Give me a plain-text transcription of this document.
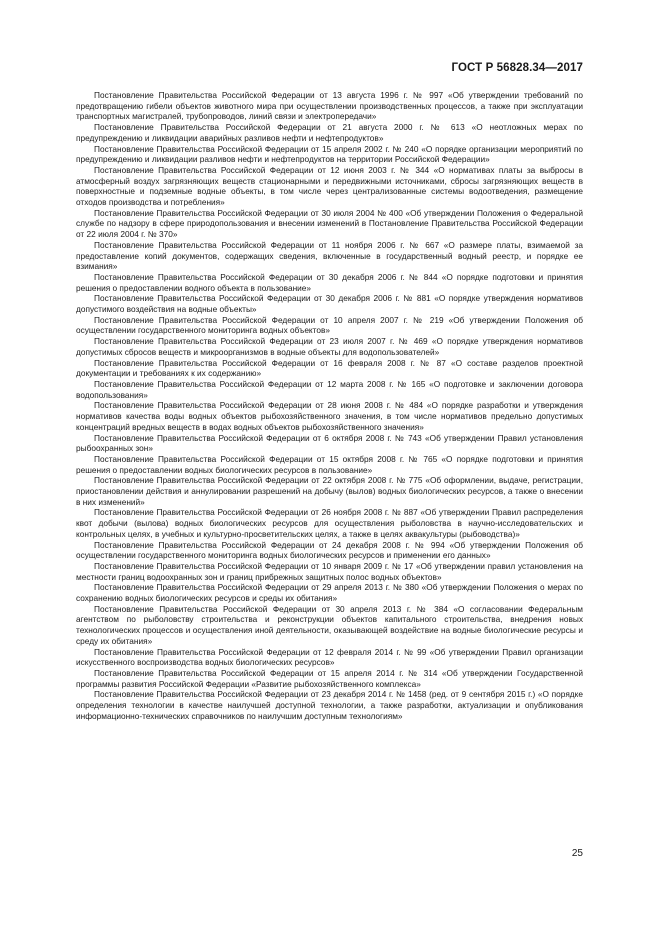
ГОСТ Р 56828.34—2017

Постановление Правительства Российской Федерации от 13 августа 1996 г. № 997 «Об утверждении требований по предотвращению гибели объектов животного мира при осуществлении производственных процессов, а также при эксплуатации транспортных магистралей, трубопроводов, линий связи и электропередачи»

Постановление Правительства Российской Федерации от 21 августа 2000 г. № 613 «О неотложных мерах по предупреждению и ликвидации аварийных разливов нефти и нефтепродуктов»

Постановление Правительства Российской Федерации от 15 апреля 2002 г. № 240 «О порядке организации мероприятий по предупреждению и ликвидации разливов нефти и нефтепродуктов на территории Российской Федерации»

Постановление Правительства Российской Федерации от 12 июня 2003 г. № 344 «О нормативах платы за выбросы в атмосферный воздух загрязняющих веществ стационарными и передвижными источниками, сбросы загрязняющих веществ в поверхностные и подземные водные объекты, в том числе через централизованные системы водоотведения, размещение отходов производства и потребления»

Постановление Правительства Российской Федерации от 30 июля 2004 № 400 «Об утверждении Положения о Федеральной службе по надзору в сфере природопользования и внесении изменений в Постановление Правительства Российской Федерации от 22 июля 2004 г. № 370»

Постановление Правительства Российской Федерации от 11 ноября 2006 г. № 667 «О размере платы, взимаемой за предоставление копий документов, содержащих сведения, включенные в государственный водный реестр, и порядке ее взимания»

Постановление Правительства Российской Федерации от 30 декабря 2006 г. № 844 «О порядке подготовки и принятия решения о предоставлении водного объекта в пользование»

Постановление Правительства Российской Федерации от 30 декабря 2006 г. № 881 «О порядке утверждения нормативов допустимого воздействия на водные объекты»

Постановление Правительства Российской Федерации от 10 апреля 2007 г. № 219 «Об утверждении Положения об осуществлении государственного мониторинга водных объектов»

Постановление Правительства Российской Федерации от 23 июля 2007 г. № 469 «О порядке утверждения нормативов допустимых сбросов веществ и микроорганизмов в водные объекты для водопользователей»

Постановление Правительства Российской Федерации от 16 февраля 2008 г. № 87 «О составе разделов проектной документации и требованиях к их содержанию»

Постановление Правительства Российской Федерации от 12 марта 2008 г. № 165 «О подготовке и заключении договора водопользования»

Постановление Правительства Российской Федерации от 28 июня 2008 г. № 484 «О порядке разработки и утверждения нормативов качества воды водных объектов рыбохозяйственного значения, в том числе нормативов предельно допустимых концентраций вредных веществ в водах водных объектов рыбохозяйственного значения»

Постановление Правительства Российской Федерации от 6 октября 2008 г. № 743 «Об утверждении Правил установления рыбоохранных зон»

Постановление Правительства Российской Федерации от 15 октября 2008 г. № 765 «О порядке подготовки и принятия решения о предоставлении водных биологических ресурсов в пользование»

Постановление Правительства Российской Федерации от 22 октября 2008 г. № 775 «Об оформлении, выдаче, регистрации, приостановлении действия и аннулировании разрешений на добычу (вылов) водных биологических ресурсов, а также о внесении в них изменений»

Постановление Правительства Российской Федерации от 26 ноября 2008 г. № 887 «Об утверждении Правил распределения квот добычи (вылова) водных биологических ресурсов для осуществления рыболовства в научно-исследовательских и контрольных целях, в учебных и культурно-просветительских целях, а также в целях аквакультуры (рыбоводства)»

Постановление Правительства Российской Федерации от 24 декабря 2008 г. № 994 «Об утверждении Положения об осуществлении государственного мониторинга водных биологических ресурсов и применении его данных»

Постановление Правительства Российской Федерации от 10 января 2009 г. № 17 «Об утверждении правил установления на местности границ водоохранных зон и границ прибрежных защитных полос водных объектов»

Постановление Правительства Российской Федерации от 29 апреля 2013 г. № 380 «Об утверждении Положения о мерах по сохранению водных биологических ресурсов и среды их обитания»

Постановление Правительства Российской Федерации от 30 апреля 2013 г. № 384 «О согласовании Федеральным агентством по рыболовству строительства и реконструкции объектов капитального строительства, внедрения новых технологических процессов и осуществления иной деятельности, оказывающей воздействие на водные биологические ресурсы и среду их обитания»

Постановление Правительства Российской Федерации от 12 февраля 2014 г. № 99 «Об утверждении Правил организации искусственного воспроизводства водных биологических ресурсов»

Постановление Правительства Российской Федерации от 15 апреля 2014 г. № 314 «Об утверждении Государственной программы развития Российской Федерации «Развитие рыбохозяйственного комплекса»

Постановление Правительства Российской Федерации от 23 декабря 2014 г. № 1458 (ред. от 9 сентября 2015 г.) «О порядке определения технологии в качестве наилучшей доступной технологии, а также разработки, актуализации и опубликования информационно-технических справочников по наилучшим доступным технологиям»

25
